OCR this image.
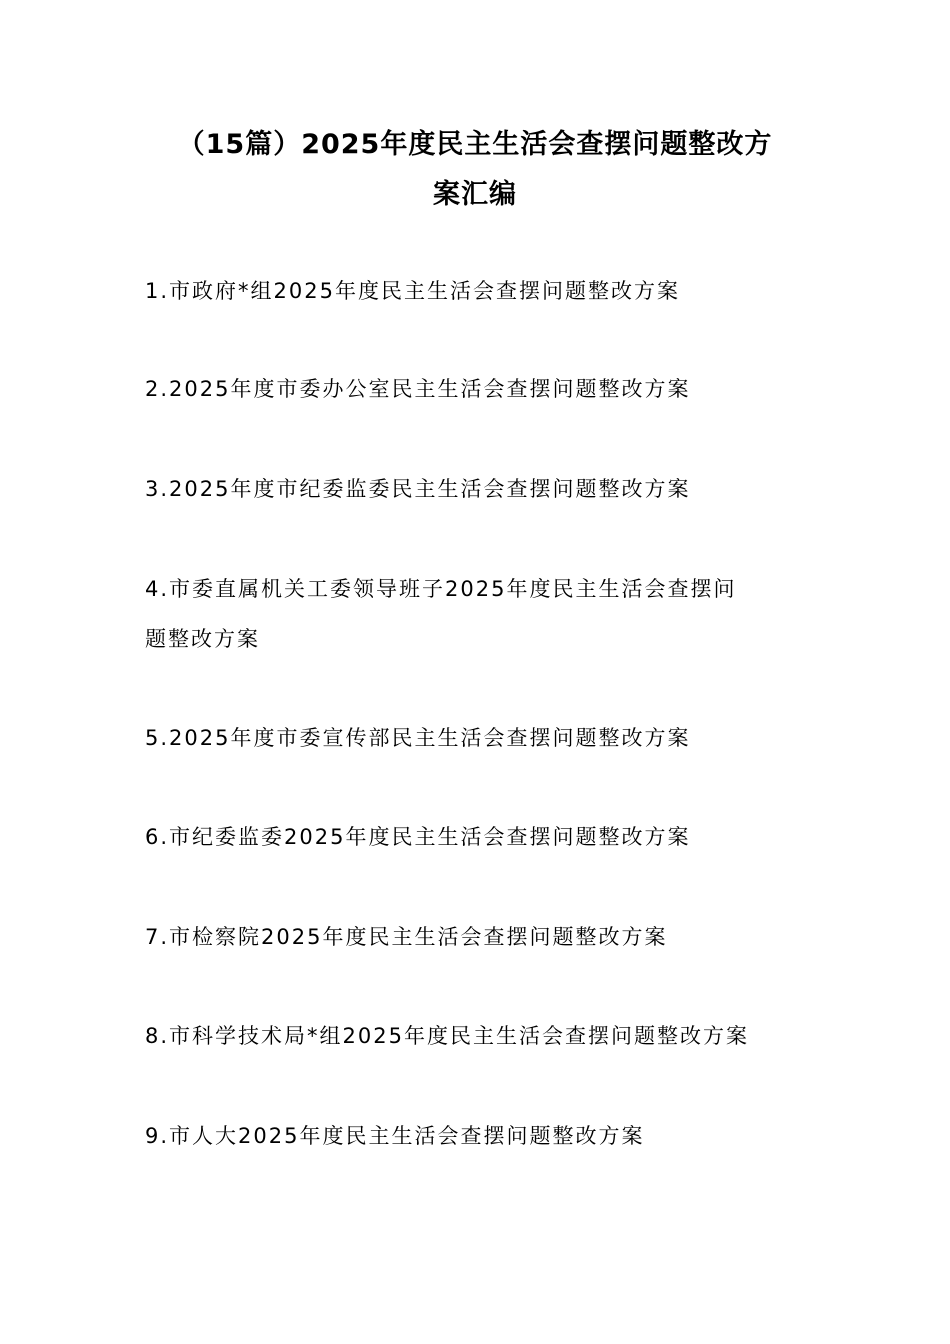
（15篇）2025年度民主生活会查摆问题整改方
案汇编
1.市政府*组2025年度民主生活会查摆问题整改方案
2.2025年度市委办公室民主生活会查摆问题整改方案
3.2025年度市纪委监委民主生活会查摆问题整改方案
4.市委直属机关工委领导班子2025年度民主生活会查摆问
题整改方案
5.2025年度市委宣传部民主生活会查摆问题整改方案
6.市纪委监委2025年度民主生活会查摆问题整改方案
7.市检察院2025年度民主生活会查摆问题整改方案
8.市科学技术局*组2025年度民主生活会查摆问题整改方案
9.市人大2025年度民主生活会查摆问题整改方案
